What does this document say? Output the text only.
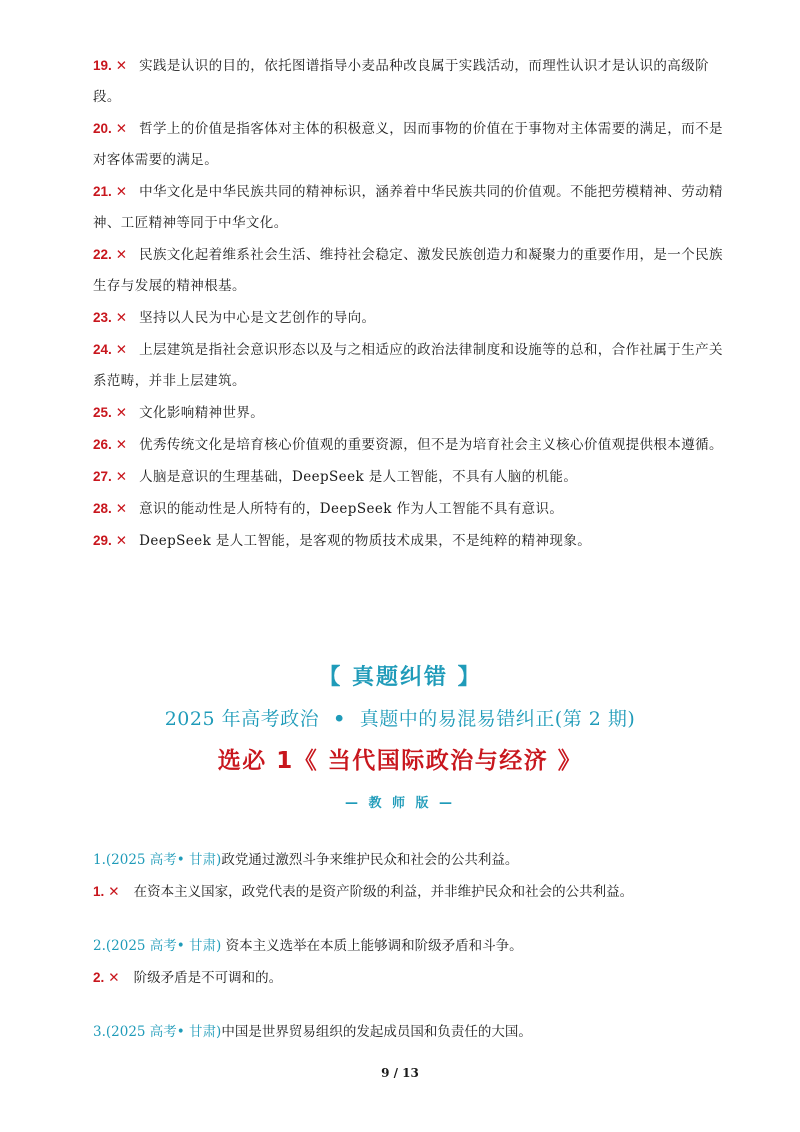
19. ✕ 实践是认识的目的，依托图谱指导小麦品种改良属于实践活动，而理性认识才是认识的高级阶段。
20. ✕ 哲学上的价值是指客体对主体的积极意义，因而事物的价值在于事物对主体需要的满足，而不是对客体需要的满足。
21. ✕ 中华文化是中华民族共同的精神标识，涵养着中华民族共同的价值观。不能把劳模精神、劳动精神、工匠精神等同于中华文化。
22. ✕ 民族文化起着维系社会生活、维持社会稳定、激发民族创造力和凝聚力的重要作用，是一个民族生存与发展的精神根基。
23. ✕ 坚持以人民为中心是文艺创作的导向。
24. ✕ 上层建筑是指社会意识形态以及与之相适应的政治法律制度和设施等的总和，合作社属于生产关系范畴，并非上层建筑。
25. ✕ 文化影响精神世界。
26. ✕ 优秀传统文化是培育核心价值观的重要资源，但不是为培育社会主义核心价值观提供根本遵循。
27. ✕ 人脑是意识的生理基础，DeepSeek 是人工智能，不具有人脑的机能。
28. ✕ 意识的能动性是人所特有的，DeepSeek 作为人工智能不具有意识。
29. ✕ DeepSeek 是人工智能，是客观的物质技术成果，不是纯粹的精神现象。
【 真题纠错 】
2025 年高考政治 • 真题中的易混易错纠正(第 2 期)
选必 1《 当代国际政治与经济 》
— 教 师 版 —
1.(2025 高考• 甘肃)政党通过激烈斗争来维护民众和社会的公共利益。
1. ✕ 在资本主义国家，政党代表的是资产阶级的利益，并非维护民众和社会的公共利益。
2.(2025 高考• 甘肃) 资本主义选举在本质上能够调和阶级矛盾和斗争。
2. ✕ 阶级矛盾是不可调和的。
3.(2025 高考• 甘肃)中国是世界贸易组织的发起成员国和负责任的大国。
9 / 13
